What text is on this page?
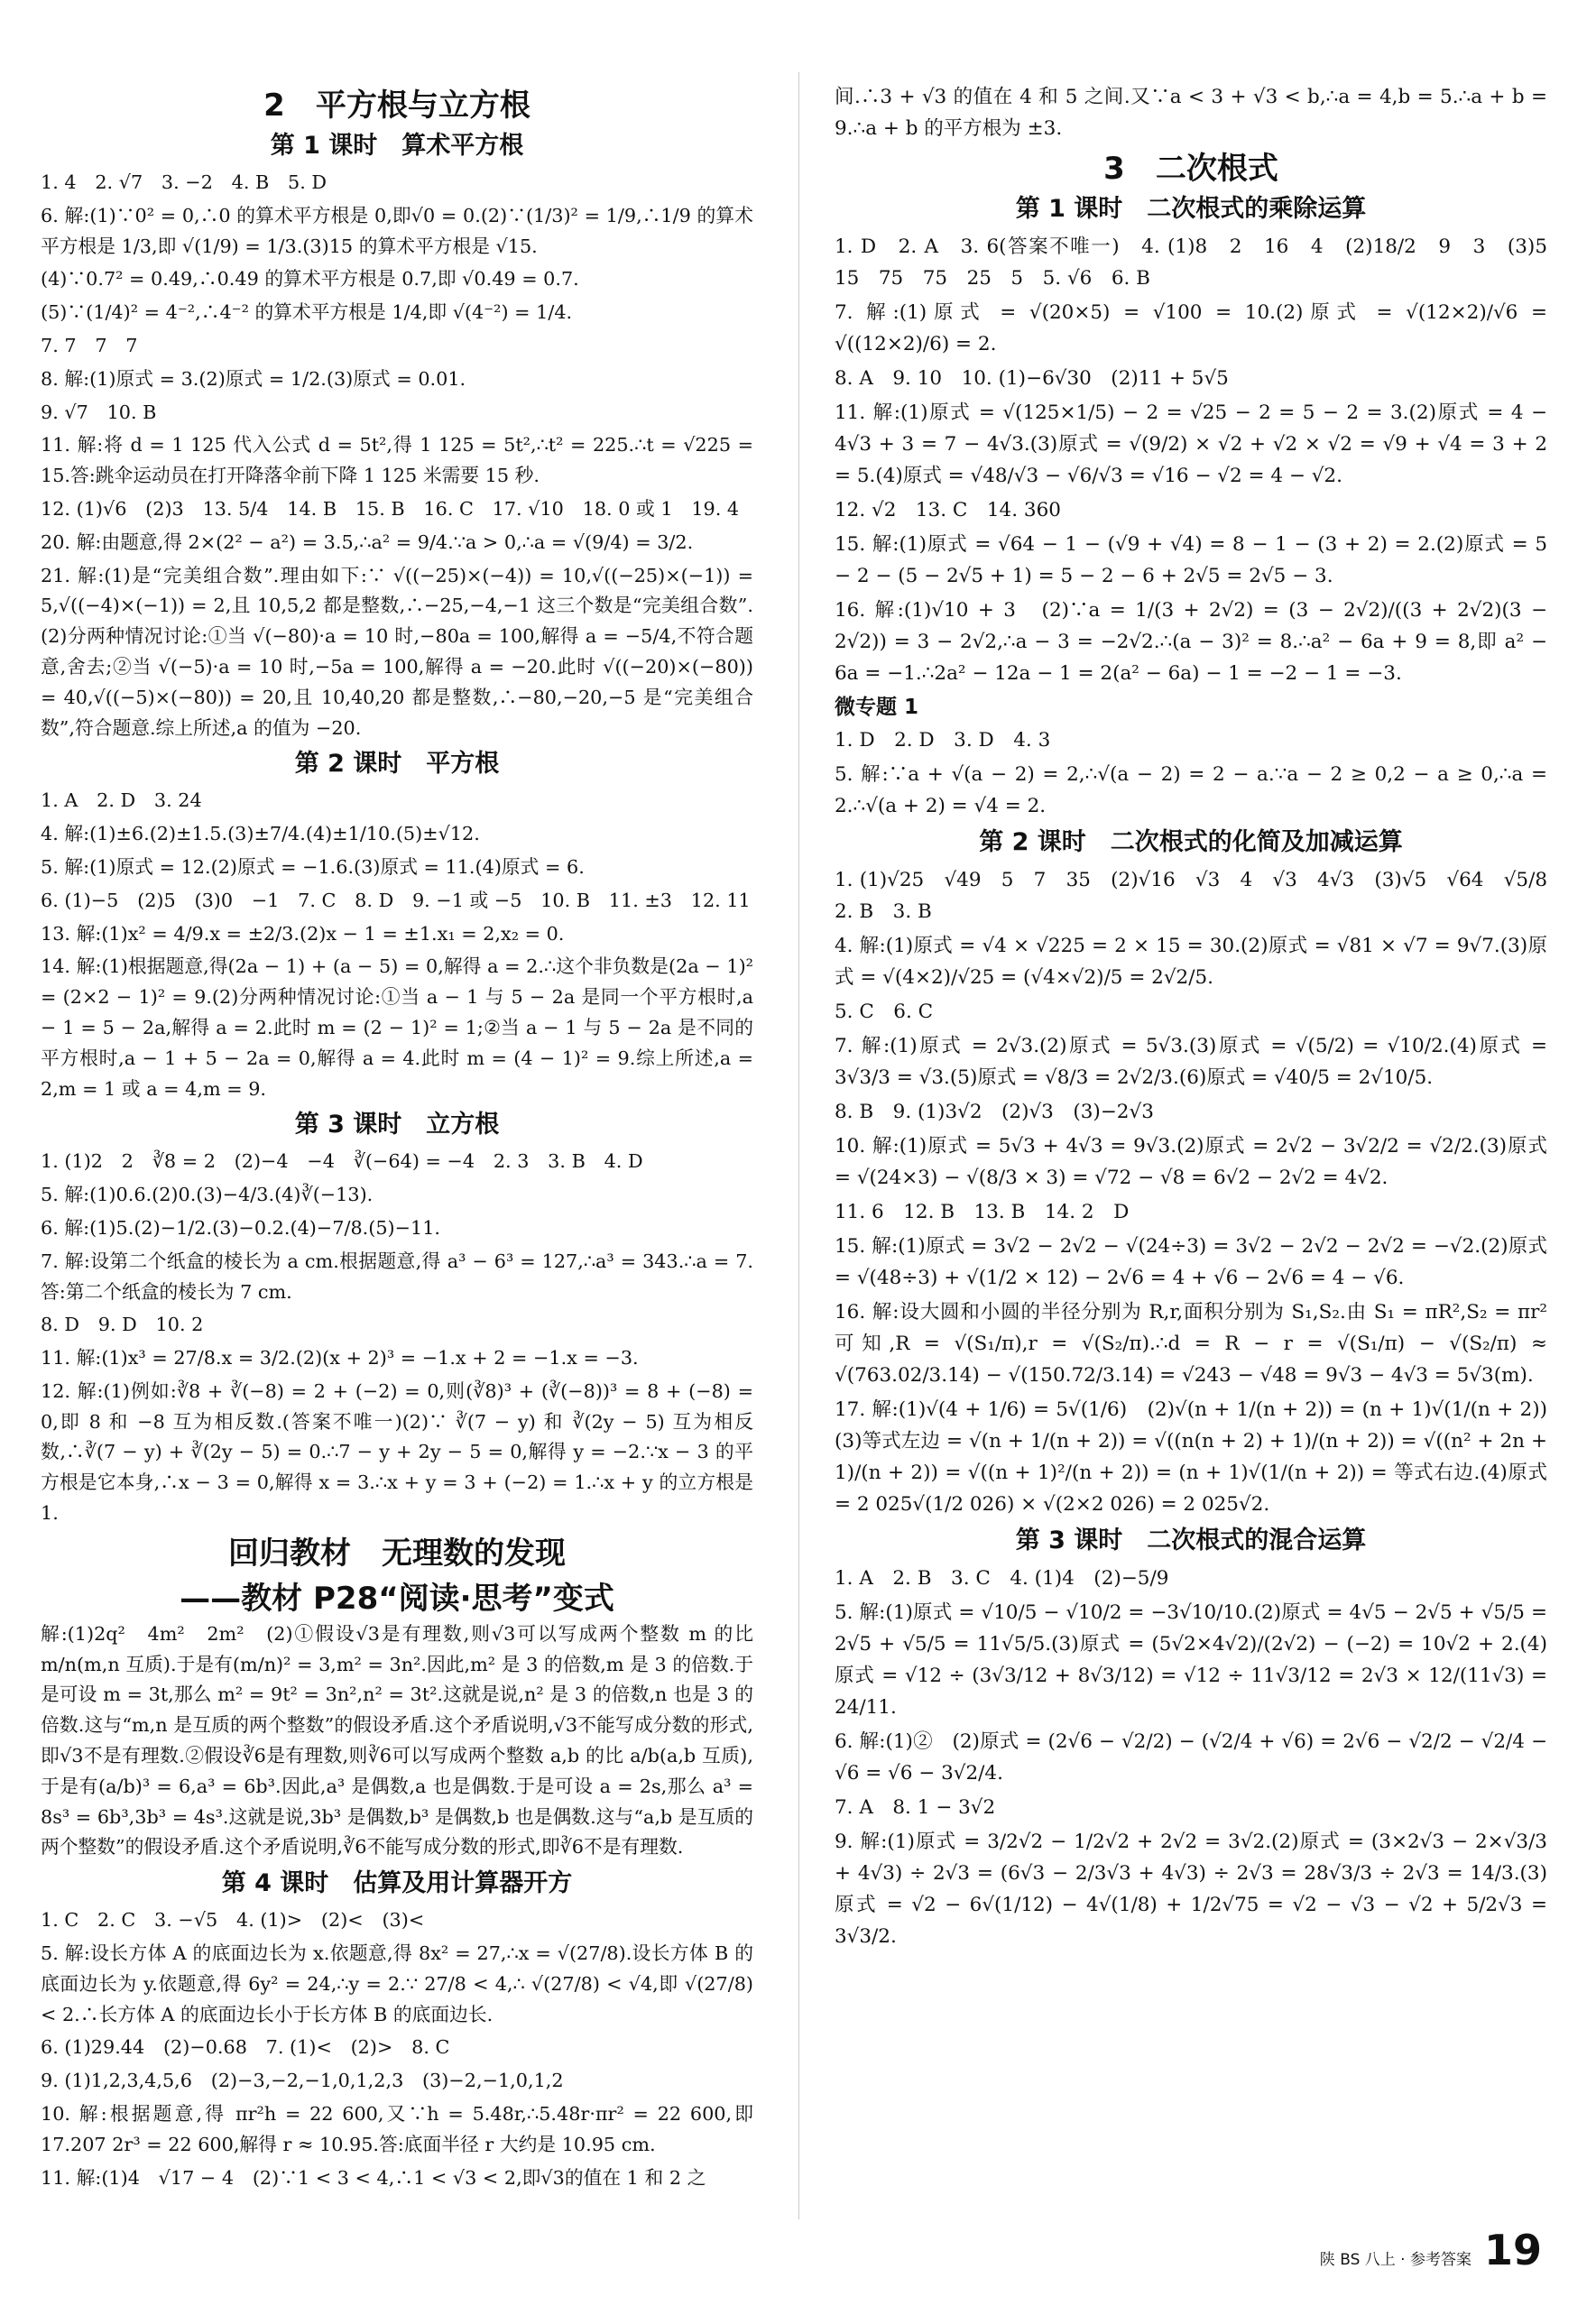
2　平方根与立方根
第 1 课时　算术平方根
1. 4　2. √7　3. −2　4. B　5. D
6. 解:(1)∵0² = 0,∴0 的算术平方根是 0,即√0 = 0.(2)∵(1/3)² = 1/9,∴1/9 的算术平方根是 1/3,即 √(1/9) = 1/3.(3)15 的算术平方根是 √15.
(4)∵0.7² = 0.49,∴0.49 的算术平方根是 0.7,即 √0.49 = 0.7.
(5)∵(1/4)² = 4⁻²,∴4⁻² 的算术平方根是 1/4,即 √(4⁻²) = 1/4.
7. 7　7　7
8. 解:(1)原式 = 3.(2)原式 = 1/2.(3)原式 = 0.01.
9. √7　10. B
11. 解:将 d = 1 125 代入公式 d = 5t²,得 1 125 = 5t²,∴t² = 225.∴t = √225 = 15.答:跳伞运动员在打开降落伞前下降 1 125 米需要 15 秒.
12. (1)√6　(2)3　13. 5/4　14. B　15. B　16. C　17. √10　18. 0 或 1　19. 4
20. 解:由题意,得 2×(2² − a²) = 3.5,∴a² = 9/4.∵a > 0,∴a = √(9/4) = 3/2.
21. 解:(1)是“完美组合数”.理由如下:∵ √((−25)×(−4)) = 10,√((−25)×(−1)) = 5,√((−4)×(−1)) = 2,且 10,5,2 都是整数,∴−25,−4,−1 这三个数是“完美组合数”.(2)分两种情况讨论:①当 √(−80)·a = 10 时,−80a = 100,解得 a = −5/4,不符合题意,舍去;②当 √(−5)·a = 10 时,−5a = 100,解得 a = −20.此时 √((−20)×(−80)) = 40,√((−5)×(−80)) = 20,且 10,40,20 都是整数,∴−80,−20,−5 是“完美组合数”,符合题意.综上所述,a 的值为 −20.
第 2 课时　平方根
1. A　2. D　3. 24
4. 解:(1)±6.(2)±1.5.(3)±7/4.(4)±1/10.(5)±√12.
5. 解:(1)原式 = 12.(2)原式 = −1.6.(3)原式 = 11.(4)原式 = 6.
6. (1)−5　(2)5　(3)0　−1　7. C　8. D　9. −1 或 −5　10. B　11. ±3　12. 11
13. 解:(1)x² = 4/9.x = ±2/3.(2)x − 1 = ±1.x₁ = 2,x₂ = 0.
14. 解:(1)根据题意,得(2a − 1) + (a − 5) = 0,解得 a = 2.∴这个非负数是(2a − 1)² = (2×2 − 1)² = 9.(2)分两种情况讨论:①当 a − 1 与 5 − 2a 是同一个平方根时,a − 1 = 5 − 2a,解得 a = 2.此时 m = (2 − 1)² = 1;②当 a − 1 与 5 − 2a 是不同的平方根时,a − 1 + 5 − 2a = 0,解得 a = 4.此时 m = (4 − 1)² = 9.综上所述,a = 2,m = 1 或 a = 4,m = 9.
第 3 课时　立方根
1. (1)2　2　∛8 = 2　(2)−4　−4　∛(−64) = −4　2. 3　3. B　4. D
5. 解:(1)0.6.(2)0.(3)−4/3.(4)∛(−13).
6. 解:(1)5.(2)−1/2.(3)−0.2.(4)−7/8.(5)−11.
7. 解:设第二个纸盒的棱长为 a cm.根据题意,得 a³ − 6³ = 127,∴a³ = 343.∴a = 7.答:第二个纸盒的棱长为 7 cm.
8. D　9. D　10. 2
11. 解:(1)x³ = 27/8.x = 3/2.(2)(x + 2)³ = −1.x + 2 = −1.x = −3.
12. 解:(1)例如:∛8 + ∛(−8) = 2 + (−2) = 0,则(∛8)³ + (∛(−8))³ = 8 + (−8) = 0,即 8 和 −8 互为相反数.(答案不唯一)(2)∵ ∛(7 − y) 和 ∛(2y − 5) 互为相反数,∴∛(7 − y) + ∛(2y − 5) = 0.∴7 − y + 2y − 5 = 0,解得 y = −2.∵x − 3 的平方根是它本身,∴x − 3 = 0,解得 x = 3.∴x + y = 3 + (−2) = 1.∴x + y 的立方根是 1.
回归教材　无理数的发现
——教材 P28“阅读·思考”变式
解:(1)2q²　4m²　2m²　(2)①假设√3是有理数,则√3可以写成两个整数 m 的比 m/n(m,n 互质).于是有(m/n)² = 3,m² = 3n².因此,m² 是 3 的倍数,m 是 3 的倍数.于是可设 m = 3t,那么 m² = 9t² = 3n²,n² = 3t².这就是说,n² 是 3 的倍数,n 也是 3 的倍数.这与“m,n 是互质的两个整数”的假设矛盾.这个矛盾说明,√3不能写成分数的形式,即√3不是有理数.②假设∛6是有理数,则∛6可以写成两个整数 a,b 的比 a/b(a,b 互质),于是有(a/b)³ = 6,a³ = 6b³.因此,a³ 是偶数,a 也是偶数.于是可设 a = 2s,那么 a³ = 8s³ = 6b³,3b³ = 4s³.这就是说,3b³ 是偶数,b³ 是偶数,b 也是偶数.这与“a,b 是互质的两个整数”的假设矛盾.这个矛盾说明,∛6不能写成分数的形式,即∛6不是有理数.
第 4 课时　估算及用计算器开方
1. C　2. C　3. −√5　4. (1)>　(2)<　(3)<
5. 解:设长方体 A 的底面边长为 x.依题意,得 8x² = 27,∴x = √(27/8).设长方体 B 的底面边长为 y.依题意,得 6y² = 24,∴y = 2.∵ 27/8 < 4,∴ √(27/8) < √4,即 √(27/8) < 2.∴长方体 A 的底面边长小于长方体 B 的底面边长.
6. (1)29.44　(2)−0.68　7. (1)<　(2)>　8. C
9. (1)1,2,3,4,5,6　(2)−3,−2,−1,0,1,2,3　(3)−2,−1,0,1,2
10. 解:根据题意,得 πr²h = 22 600,又∵h = 5.48r,∴5.48r·πr² = 22 600,即 17.207 2r³ = 22 600,解得 r ≈ 10.95.答:底面半径 r 大约是 10.95 cm.
11. 解:(1)4　√17 − 4　(2)∵1 < 3 < 4,∴1 < √3 < 2,即√3的值在 1 和 2 之
间.∴3 + √3 的值在 4 和 5 之间.又∵a < 3 + √3 < b,∴a = 4,b = 5.∴a + b = 9.∴a + b 的平方根为 ±3.
3　二次根式
第 1 课时　二次根式的乘除运算
1. D　2. A　3. 6(答案不唯一)　4. (1)8　2　16　4　(2)18/2　9　3　(3)5　15　75　75　25　5　5. √6　6. B
7. 解:(1)原式 = √(20×5) = √100 = 10.(2)原式 = √(12×2)/√6 = √((12×2)/6) = 2.
8. A　9. 10　10. (1)−6√30　(2)11 + 5√5
11. 解:(1)原式 = √(125×1/5) − 2 = √25 − 2 = 5 − 2 = 3.(2)原式 = 4 − 4√3 + 3 = 7 − 4√3.(3)原式 = √(9/2) × √2 + √2 × √2 = √9 + √4 = 3 + 2 = 5.(4)原式 = √48/√3 − √6/√3 = √16 − √2 = 4 − √2.
12. √2　13. C　14. 360
15. 解:(1)原式 = √64 − 1 − (√9 + √4) = 8 − 1 − (3 + 2) = 2.(2)原式 = 5 − 2 − (5 − 2√5 + 1) = 5 − 2 − 6 + 2√5 = 2√5 − 3.
16. 解:(1)√10 + 3　(2)∵a = 1/(3 + 2√2) = (3 − 2√2)/((3 + 2√2)(3 − 2√2)) = 3 − 2√2,∴a − 3 = −2√2.∴(a − 3)² = 8.∴a² − 6a + 9 = 8,即 a² − 6a = −1.∴2a² − 12a − 1 = 2(a² − 6a) − 1 = −2 − 1 = −3.
微专题 1
1. D　2. D　3. D　4. 3
5. 解:∵a + √(a − 2) = 2,∴√(a − 2) = 2 − a.∵a − 2 ≥ 0,2 − a ≥ 0,∴a = 2.∴√(a + 2) = √4 = 2.
第 2 课时　二次根式的化简及加减运算
1. (1)√25　√49　5　7　35　(2)√16　√3　4　√3　4√3　(3)√5　√64　√5/8　2. B　3. B
4. 解:(1)原式 = √4 × √225 = 2 × 15 = 30.(2)原式 = √81 × √7 = 9√7.(3)原式 = √(4×2)/√25 = (√4×√2)/5 = 2√2/5.
5. C　6. C
7. 解:(1)原式 = 2√3.(2)原式 = 5√3.(3)原式 = √(5/2) = √10/2.(4)原式 = 3√3/3 = √3.(5)原式 = √8/3 = 2√2/3.(6)原式 = √40/5 = 2√10/5.
8. B　9. (1)3√2　(2)√3　(3)−2√3
10. 解:(1)原式 = 5√3 + 4√3 = 9√3.(2)原式 = 2√2 − 3√2/2 = √2/2.(3)原式 = √(24×3) − √(8/3 × 3) = √72 − √8 = 6√2 − 2√2 = 4√2.
11. 6　12. B　13. B　14. 2　D
15. 解:(1)原式 = 3√2 − 2√2 − √(24÷3) = 3√2 − 2√2 − 2√2 = −√2.(2)原式 = √(48÷3) + √(1/2 × 12) − 2√6 = 4 + √6 − 2√6 = 4 − √6.
16. 解:设大圆和小圆的半径分别为 R,r,面积分别为 S₁,S₂.由 S₁ = πR²,S₂ = πr² 可知,R = √(S₁/π),r = √(S₂/π).∴d = R − r = √(S₁/π) − √(S₂/π) ≈ √(763.02/3.14) − √(150.72/3.14) = √243 − √48 = 9√3 − 4√3 = 5√3(m).
17. 解:(1)√(4 + 1/6) = 5√(1/6)　(2)√(n + 1/(n + 2)) = (n + 1)√(1/(n + 2))　(3)等式左边 = √(n + 1/(n + 2)) = √((n(n + 2) + 1)/(n + 2)) = √((n² + 2n + 1)/(n + 2)) = √((n + 1)²/(n + 2)) = (n + 1)√(1/(n + 2)) = 等式右边.(4)原式 = 2 025√(1/2 026) × √(2×2 026) = 2 025√2.
第 3 课时　二次根式的混合运算
1. A　2. B　3. C　4. (1)4　(2)−5/9
5. 解:(1)原式 = √10/5 − √10/2 = −3√10/10.(2)原式 = 4√5 − 2√5 + √5/5 = 2√5 + √5/5 = 11√5/5.(3)原式 = (5√2×4√2)/(2√2) − (−2) = 10√2 + 2.(4)原式 = √12 ÷ (3√3/12 + 8√3/12) = √12 ÷ 11√3/12 = 2√3 × 12/(11√3) = 24/11.
6. 解:(1)②　(2)原式 = (2√6 − √2/2) − (√2/4 + √6) = 2√6 − √2/2 − √2/4 − √6 = √6 − 3√2/4.
7. A　8. 1 − 3√2
9. 解:(1)原式 = 3/2√2 − 1/2√2 + 2√2 = 3√2.(2)原式 = (3×2√3 − 2×√3/3 + 4√3) ÷ 2√3 = (6√3 − 2/3√3 + 4√3) ÷ 2√3 = 28√3/3 ÷ 2√3 = 14/3.(3)原式 = √2 − 6√(1/12) − 4√(1/8) + 1/2√75 = √2 − √3 − √2 + 5/2√3 = 3√3/2.
陕 BS 八上 · 参考答案 19
